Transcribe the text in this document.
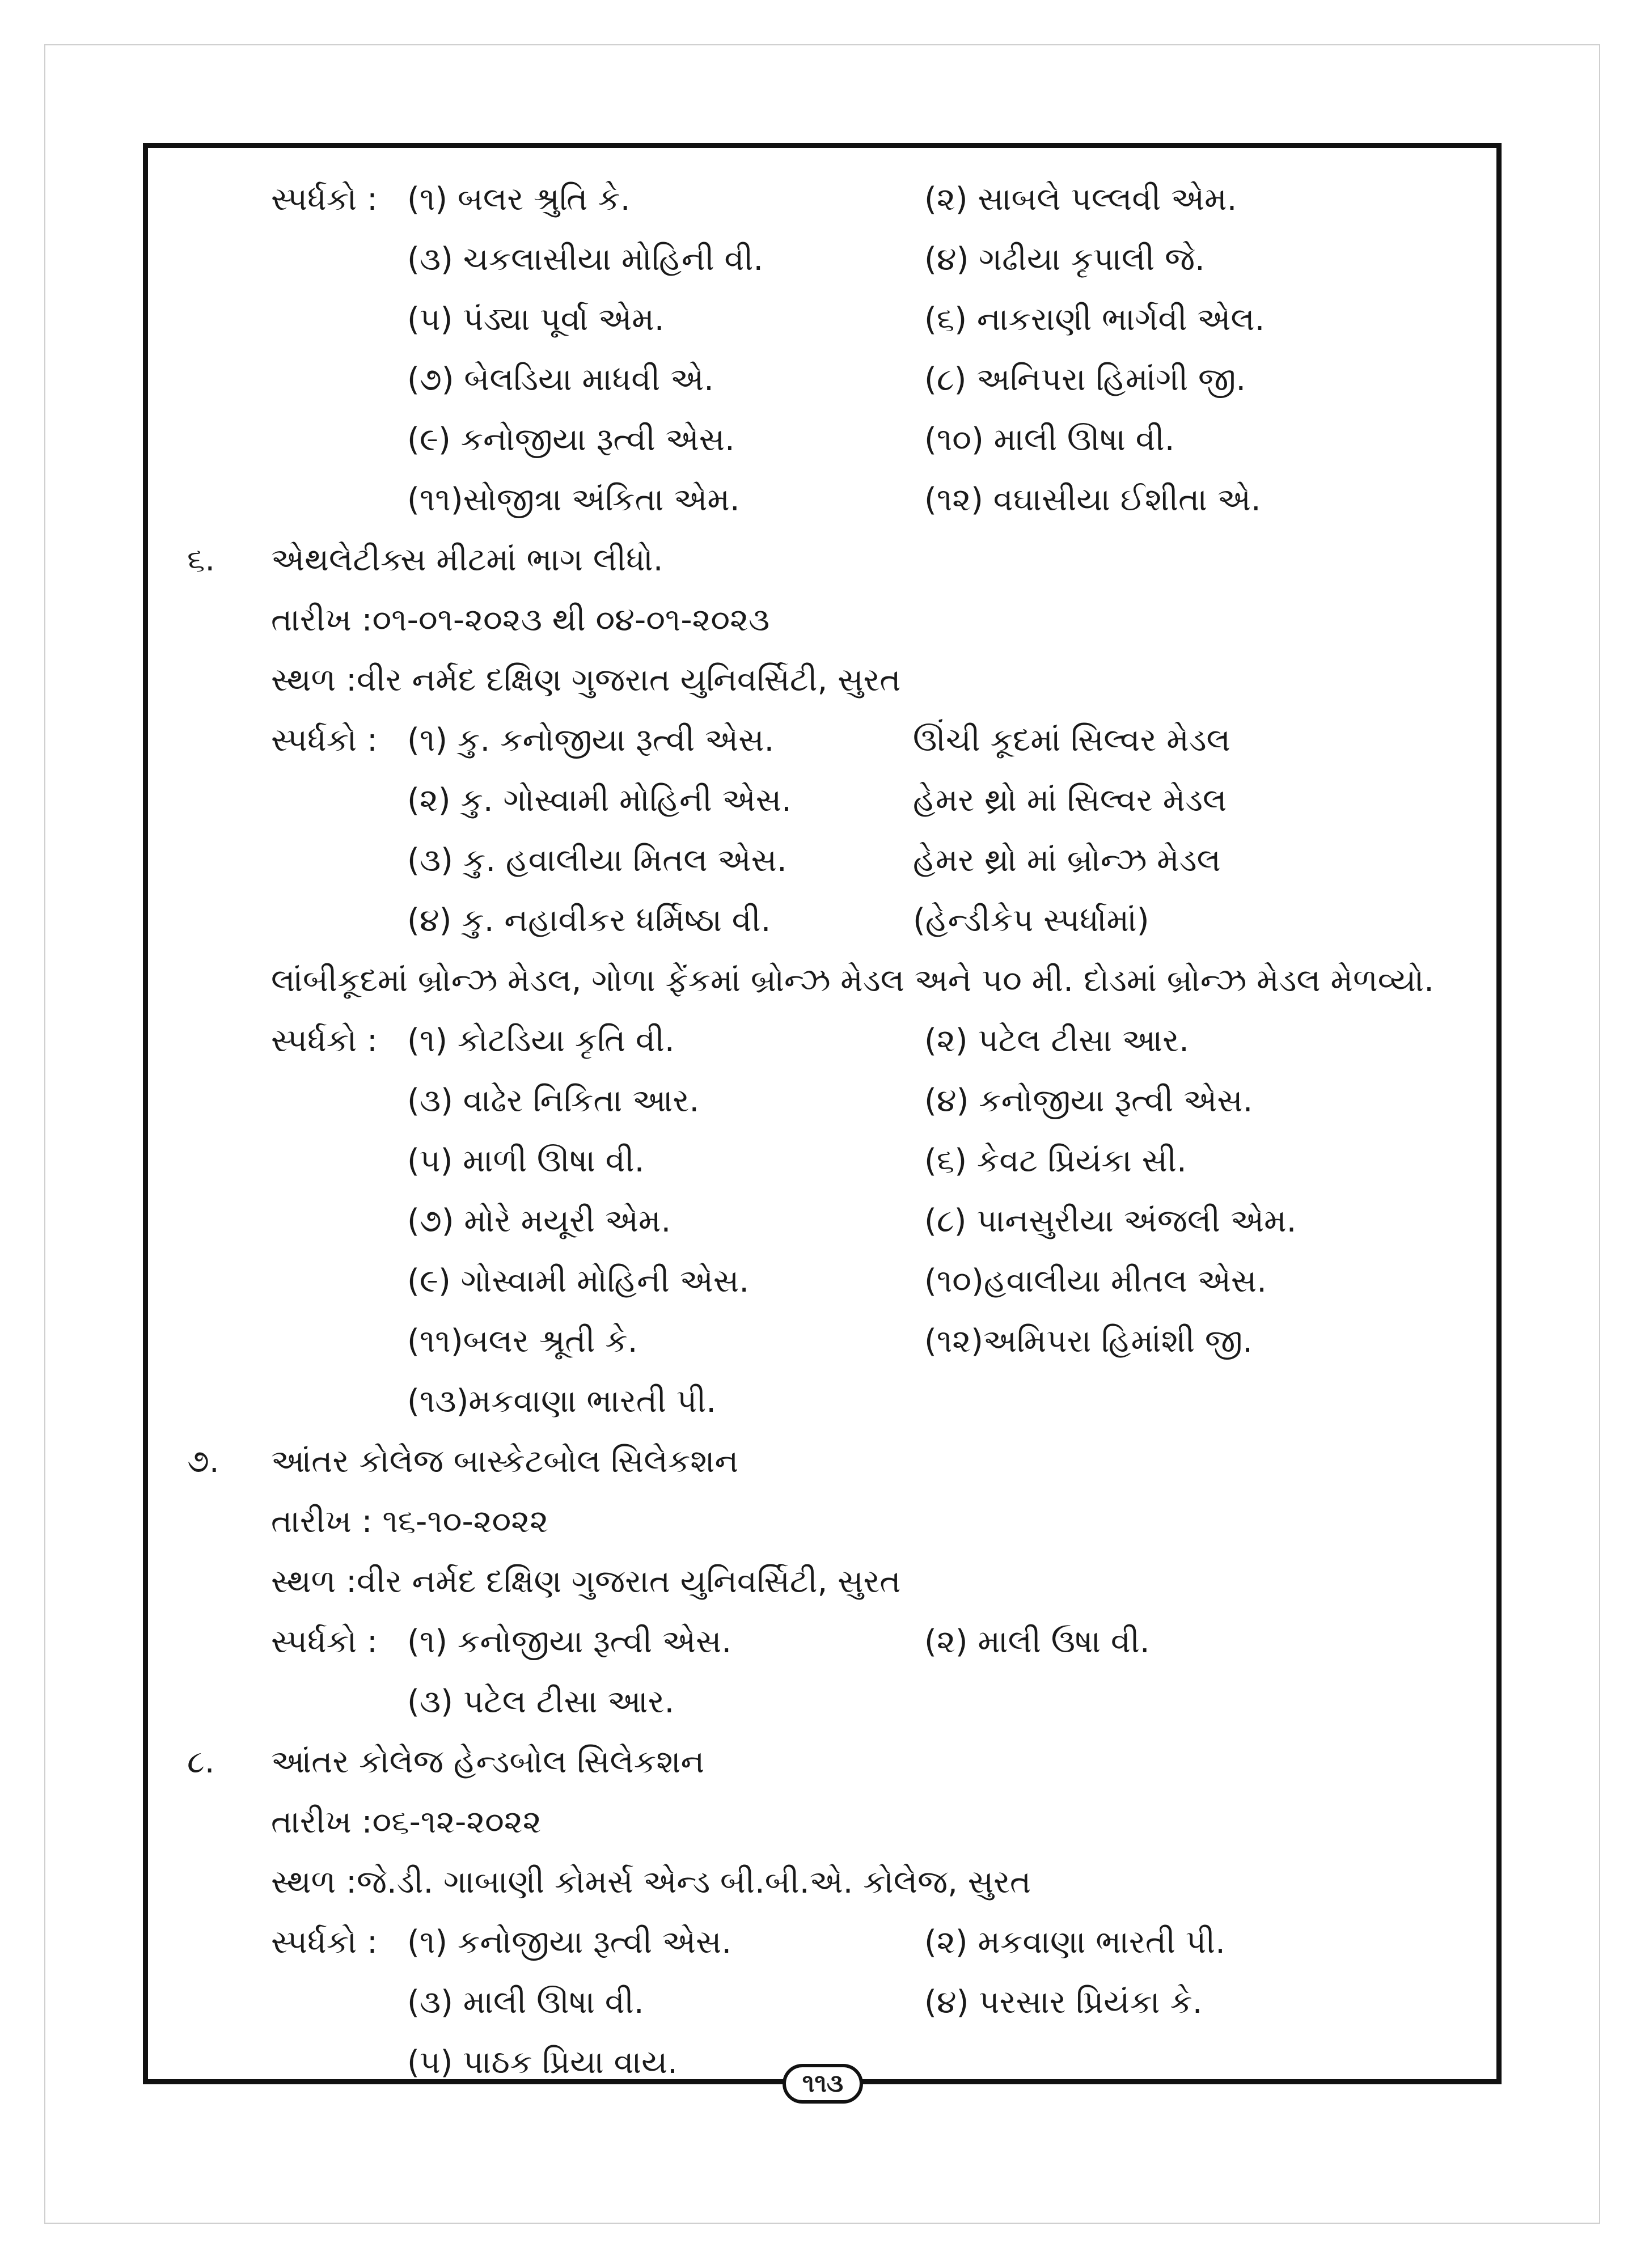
સ્પર્ધકો : (૧) બલર શ્રુતિ કે.	(૨) સાબલે પલ્લવી એમ.
(૩) ચકલાસીયા મોહિની વી.	(૪) ગઢીયા કૃપાલી જે.
(૫) પંડ્યા પૂર્વા એમ.	(૬) નાકરાણી ભાર્ગવી એલ.
(૭) બેલડિયા માધવી એ.	(૮) અનિપરા હિમાંગી જી.
(૯) કનોજીયા રૂત્વી એસ.	(૧૦) માલી ઊષા વી.
(૧૧)સોજીત્રા અંકિતા એમ.	(૧૨) વઘાસીયા ઈશીતા એ.
૬. એથલેટીક્સ મીટમાં ભાગ લીધો.
તારીખ :૦૧-૦૧-૨૦૨૩ થી ૦૪-૦૧-૨૦૨૩
સ્થળ :વીર નર્મદ દક્ષિણ ગુજરાત યુનિવર્સિટી, સુરત
સ્પર્ધકો : (૧) કુ. કનોજીયા રૂત્વી એસ.	ઊંચી કૂદમાં સિલ્વર મેડલ
(૨) કુ. ગોસ્વામી મોહિની એસ.	હેમર થ્રો માં સિલ્વર મેડલ
(૩) કુ. હવાલીયા મિતલ એસ.	હેમર થ્રો માં બ્રોન્ઝ મેડલ
(૪) કુ. નહાવીકર ધર્મિષ્ઠા વી.	(હેન્ડીકેપ સ્પર્ધામાં)
લાંબીકૂદમાં બ્રોન્ઝ મેડલ, ગોળા ફેંકમાં બ્રોન્ઝ મેડલ અને ૫૦ મી. દોડમાં બ્રોન્ઝ મેડલ મેળવ્યો.
સ્પર્ધકો : (૧) કોટડિયા કૃતિ વી.	(૨) પટેલ ટીસા આર.
(૩) વાઢેર નિકિતા આર.	(૪) કનોજીયા રૂત્વી એસ.
(૫) માળી ઊષા વી.	(૬) કેવટ પ્રિયંકા સી.
(૭) મોરે મયૂરી એમ.	(૮) પાનસુરીયા અંજલી એમ.
(૯) ગોસ્વામી મોહિની એસ.	(૧૦)હવાલીયા મીતલ એસ.
(૧૧)બલર શ્રૂતી કે.	(૧૨)અમિપરા હિમાંશી જી.
(૧૩)મકવાણા ભારતી પી.
૭. આંતર કોલેજ બાસ્કેટબોલ સિલેકશન
તારીખ : ૧૬-૧૦-૨૦૨૨
સ્થળ :વીર નર્મદ દક્ષિણ ગુજરાત યુનિવર્સિટી, સુરત
સ્પર્ધકો : (૧) કનોજીયા રૂત્વી એસ.	(૨) માલી ઉષા વી.
(૩) પટેલ ટીસા આર.
૮. આંતર કોલેજ હેન્ડબોલ સિલેકશન
તારીખ :૦૬-૧૨-૨૦૨૨
સ્થળ :જે.ડી. ગાબાણી કોમર્સ એન્ડ બી.બી.એ. કોલેજ, સુરત
સ્પર્ધકો : (૧) કનોજીયા રૂત્વી એસ.	(૨) મકવાણા ભારતી પી.
(૩) માલી ઊષા વી.	(૪) પરસાર પ્રિયંકા કે.
(૫) પાઠક પ્રિયા વાય.
૧૧૩
